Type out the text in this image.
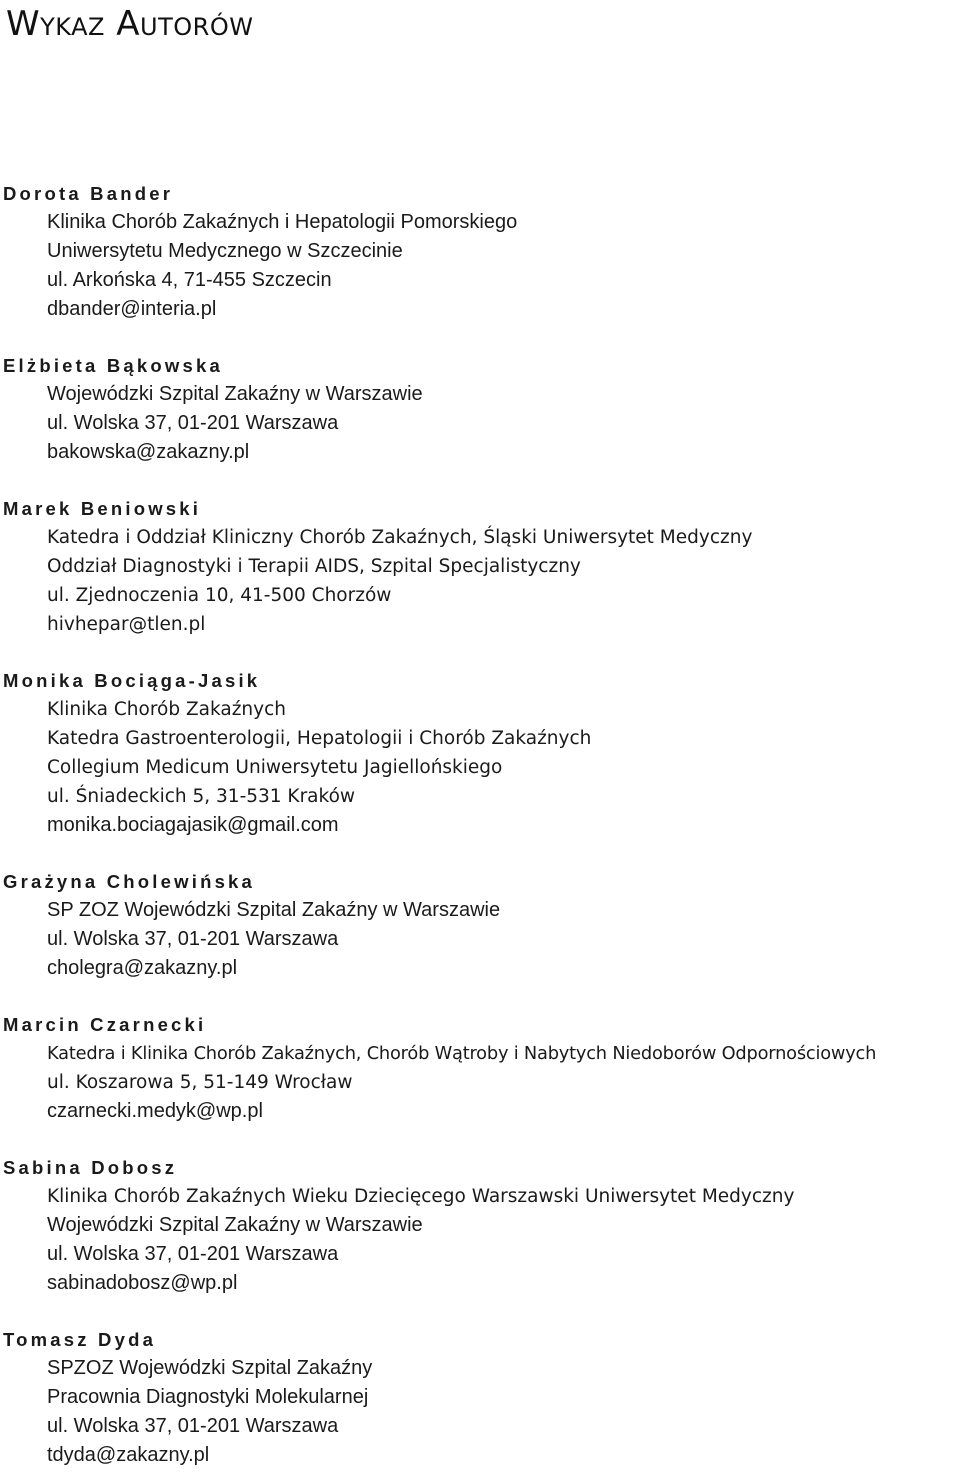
Wykaz Autorów
Dorota Bander
Klinika Chorób Zakaźnych i Hepatologii Pomorskiego
Uniwersytetu Medycznego w Szczecinie
ul. Arkońska 4, 71-455 Szczecin
dbander@interia.pl
Elżbieta Bąkowska
Wojewódzki Szpital Zakaźny w Warszawie
ul. Wolska 37, 01-201 Warszawa
bakowska@zakazny.pl
Marek Beniowski
Katedra i Oddział Kliniczny Chorób Zakaźnych, Śląski Uniwersytet Medyczny
Oddział Diagnostyki i Terapii AIDS, Szpital Specjalistyczny
ul. Zjednoczenia 10, 41-500 Chorzów
hivhepar@tlen.pl
Monika Bociąga-Jasik
Klinika Chorób Zakaźnych
Katedra Gastroenterologii, Hepatologii i Chorób Zakaźnych
Collegium Medicum Uniwersytetu Jagiellońskiego
ul. Śniadeckich 5, 31-531 Kraków
monika.bociagajasik@gmail.com
Grażyna Cholewińska
SP ZOZ Wojewódzki Szpital Zakaźny w Warszawie
ul. Wolska 37, 01-201 Warszawa
cholegra@zakazny.pl
Marcin Czarnecki
Katedra i Klinika Chorób Zakaźnych, Chorób Wątroby i Nabytych Niedoborów Odpornościowych
ul. Koszarowa 5, 51-149 Wrocław
czarnecki.medyk@wp.pl
Sabina Dobosz
Klinika Chorób Zakaźnych Wieku Dziecięcego Warszawski Uniwersytet Medyczny
Wojewódzki Szpital Zakaźny w Warszawie
ul. Wolska 37, 01-201 Warszawa
sabinadobosz@wp.pl
Tomasz Dyda
SPZOZ Wojewódzki Szpital Zakaźny
Pracownia Diagnostyki Molekularnej
ul. Wolska 37, 01-201 Warszawa
tdyda@zakazny.pl
